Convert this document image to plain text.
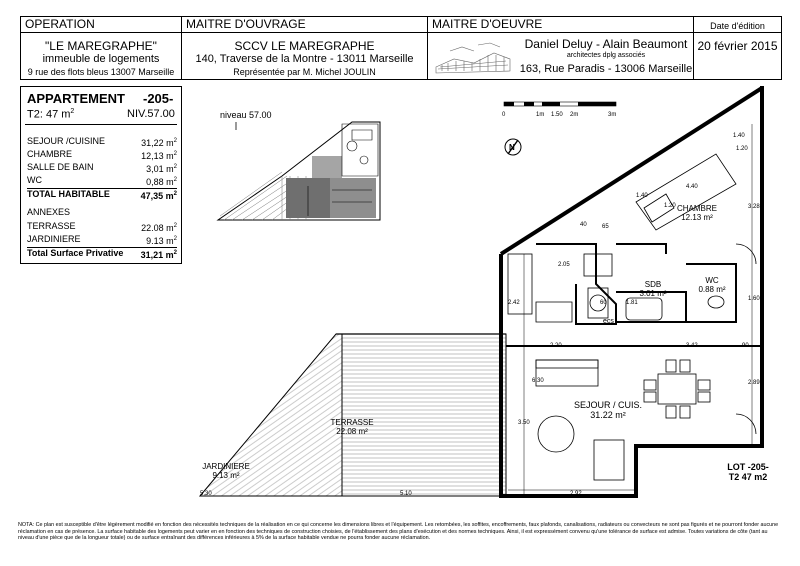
OPERATION
"LE MAREGRAPHE"
immeuble de logements
9 rue des flots bleus 13007 Marseille
MAITRE D'OUVRAGE
SCCV LE MAREGRAPHE
140, Traverse de la Montre - 13011 Marseille
Représentée par M. Michel JOULIN
MAITRE D'OEUVRE
Daniel Deluy - Alain Beaumont
architectes dplg associés
163, Rue Paradis - 13006 Marseille
Date d'édition
20 février 2015
APPARTEMENT -205-
T2: 47 $m^2$	NIV.57.00
SEJOUR /CUISINE	31,22 $m^2$
CHAMBRE	12,13 $m^2$
SALLE DE BAIN	3,01 $m^2$
WC	0,88 $m^2$
TOTAL HABITABLE	47,35 $m^2$
ANNEXES
TERRASSE	22.08 $m^2$
JARDINIERE	9.13 $m^2$
Total Surface Privative 31,21 $m^2$
niveau 57.00	0	1m 1.50 2m	3m
N
CHAMBRE
12.13 m²
SDB
3.01 m²
WC
0.88 m²
SEJOUR / CUIS.
31.22 m²
TERRASSE
22.08 m²
JARDINIERE
9.13 m²
ecs
1.40
1.20
4.40
1.40
1.20	3.28
2.05
2.42	1.81
2.20	3.42	90
1.60
2.89
5.30	5.10	2.92
3.50
6.30
60
40	65
LOT -205-
T2 47 m2
NOTA: Ce plan est susceptible d'être légèrement modifié en fonction des nécessités techniques de la réalisation en ce qui concerne les dimensions libres et l'équipement. Les retombées, les soffites, encoffrements, faux plafonds, canalisations, radiateurs ou convecteurs ne sont pas figurés et ne pourront fonder aucune réclamation en cas de présence. La surface habitable des logements peut varier en en fonction des techniques de construction choisies, de l'établissement des plans d'exécution et des normes techniques. Ainsi, il est expressément convenu qu'une tolérance de surface est admise. Toutes variations de côte (tant au niveau d'une pièce que de la longueur totale) ou de surface entraînant des différences inférieures à 5% de la surface habitable vendue ne pourra fonder aucune réclamation.
